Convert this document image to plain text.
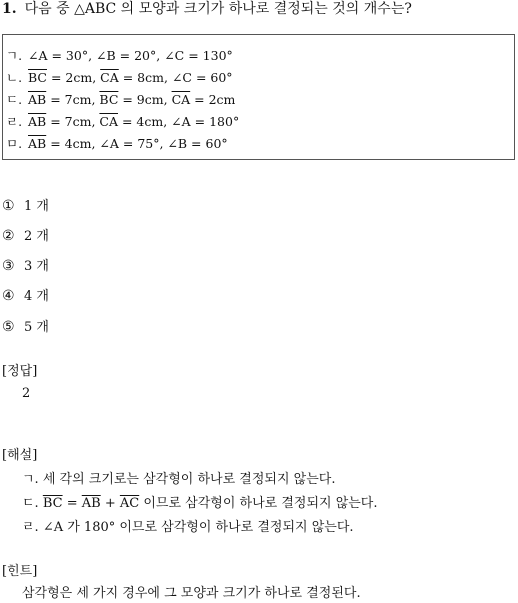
1. 다음 중 △ABC 의 모양과 크기가 하나로 결정되는 것의 개수는?
ㄱ. ∠A = 30°, ∠B = 20°, ∠C = 130°
ㄴ. $\overline{BC} = 2cm$, $\overline{CA} = 8cm$, ∠C = 60°
ㄷ. $\overline{AB} = 7cm$, $\overline{BC} = 9cm$, $\overline{CA} = 2cm$
ㄹ. $\overline{AB} = 7cm$, $\overline{CA} = 4cm$, ∠A = 180°
ㅁ. $\overline{AB} = 4cm$, ∠A = 75°, ∠B = 60°
① 1 개
② 2 개
③ 3 개
④ 4 개
⑤ 5 개
[정답]
2
[해설]
ㄱ. 세 각의 크기로는 삼각형이 하나로 결정되지 않는다.
ㄷ. $\overline{BC} = \overline{AB} + \overline{AC}$ 이므로 삼각형이 하나로 결정되지 않는다.
ㄹ. ∠A 가 180° 이므로 삼각형이 하나로 결정되지 않는다.
[힌트]
삼각형은 세 가지 경우에 그 모양과 크기가 하나로 결정된다.
